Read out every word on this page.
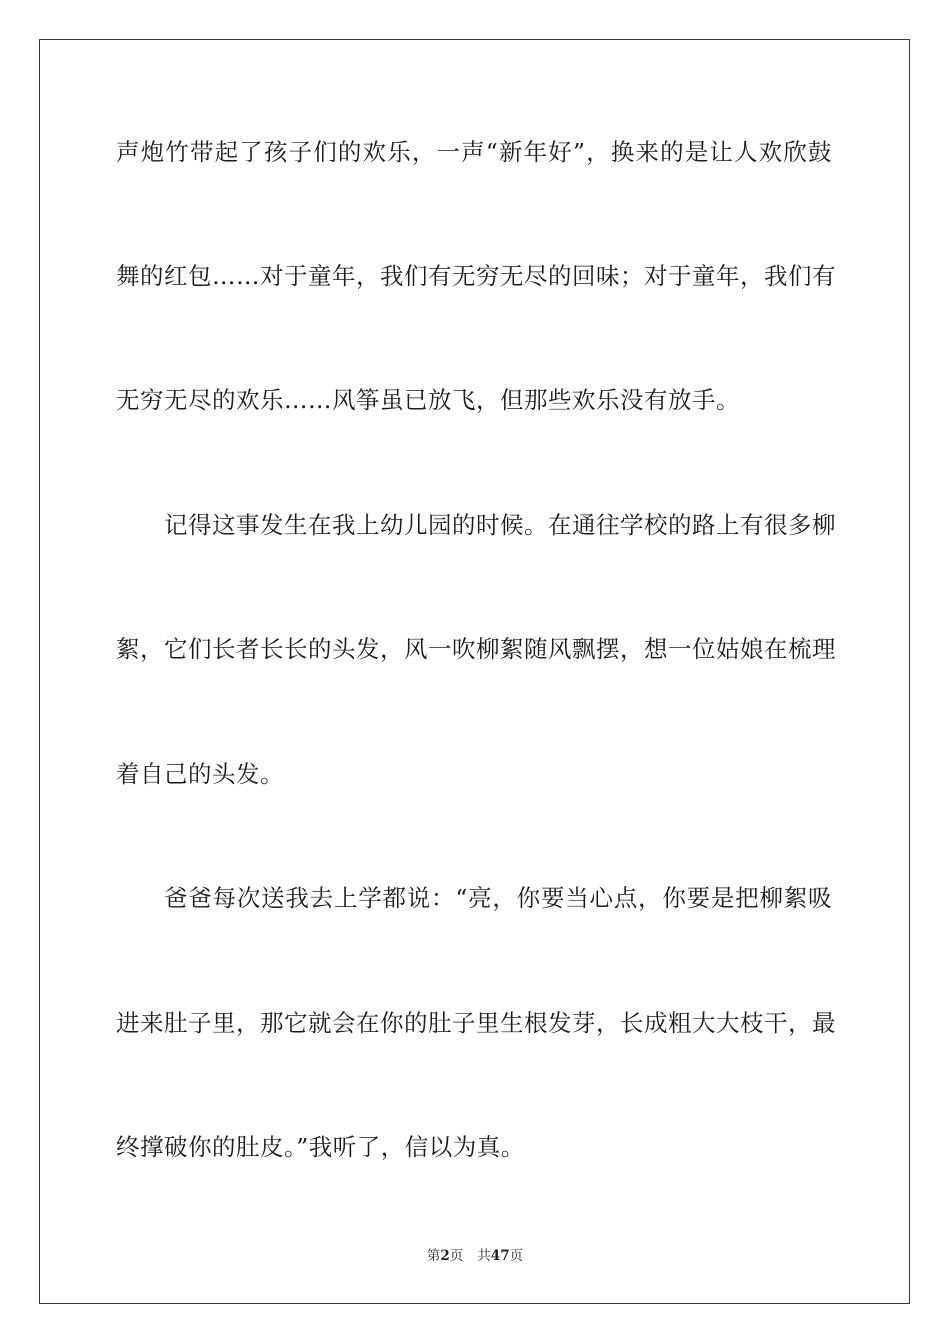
声炮竹带起了孩子们的欢乐，一声“新年好”，换来的是让人欢欣鼓
舞的红包……对于童年，我们有无穷无尽的回味；对于童年，我们有
无穷无尽的欢乐……风筝虽已放飞，但那些欢乐没有放手。
记得这事发生在我上幼儿园的时候。在通往学校的路上有很多柳
絮，它们长者长长的头发，风一吹柳絮随风飘摆，想一位姑娘在梳理
着自己的头发。
爸爸每次送我去上学都说：“亮，你要当心点，你要是把柳絮吸
进来肚子里，那它就会在你的肚子里生根发芽，长成粗大大枝干，最
终撑破你的肚皮。”我听了，信以为真。
第2页 共47页
